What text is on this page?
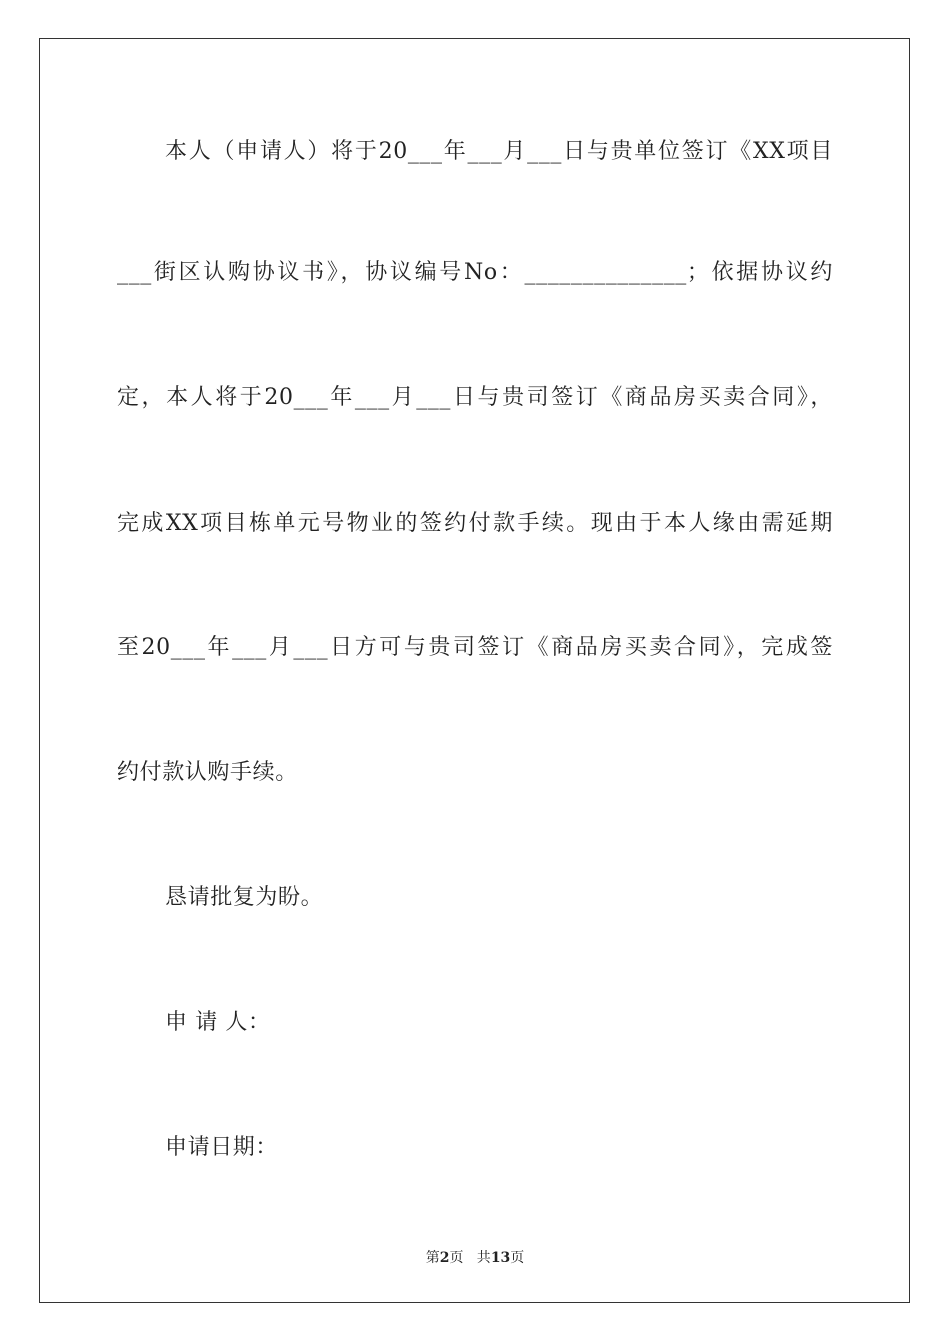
本人（申请人）将于20___年___月___日与贵单位签订《XX项目
___街区认购协议书》，协议编号No：______________；依据协议约
定，本人将于20___年___月___日与贵司签订《商品房买卖合同》，
完成XX项目栋单元号物业的签约付款手续。现由于本人缘由需延期
至20___年___月___日方可与贵司签订《商品房买卖合同》，完成签
约付款认购手续。
恳请批复为盼。
申 请 人：
申请日期：
第2页   共13页
